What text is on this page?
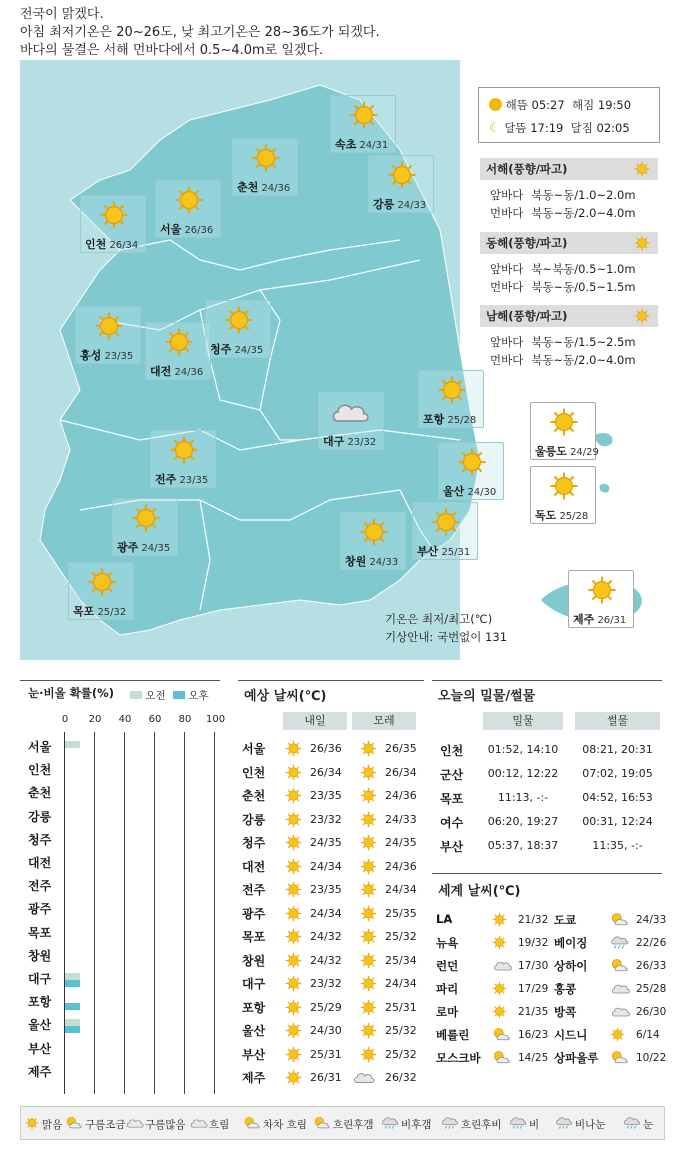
전국이 맑겠다.
아침 최저기온은 20~26도, 낮 최고기온은 28~36도가 되겠다.
바다의 물결은 서해 먼바다에서 0.5~4.0m로 일겠다.
속초 24/31
춘천 24/36
강릉 24/33
서울 26/36
인천 26/34
청주 24/35
홍성 23/35
대전 24/36
포항 25/28
대구 23/32
전주 23/35
울산 24/30
광주 24/35
창원 24/33
부산 25/31
목포 25/32
울릉도 24/29
독도 25/28
제주 26/31
해뜸 05:27 해짐 19:50
☾ 달뜸 17:19 달짐 02:05
서해(풍향/파고)
앞바다 북동~동/1.0~2.0m
먼바다 북동~동/2.0~4.0m
동해(풍향/파고)
앞바다 북~북동/0.5~1.0m
먼바다 북동~동/0.5~1.5m
남해(풍향/파고)
앞바다 북동~동/1.5~2.5m
먼바다 북동~동/2.0~4.0m
기온은 최저/최고(℃)
기상안내: 국번없이 131
눈·비올 확률(%)	오전 오후
0	20 40 60 80 100
서울
인천
춘천
강릉
청주
대전
전주
광주
목포
창원
대구
포항
울산
부산
제주
예상 날씨(℃)
내일	모레
서울	26/36	26/35
인천	26/34	26/34
춘천	23/35	24/36
강릉	23/32	24/33
청주	24/35	24/35
대전	24/34	24/36
전주	23/35	24/34
광주	24/34	25/35
목포	24/32	25/32
창원	24/32	25/34
대구	23/32	24/34
포항	25/29	25/31
울산	24/30	25/32
부산	25/31	25/32
제주	26/31	26/32
오늘의 밀물/썰물
밀물	썰물
인천	01:52, 14:10	08:21, 20:31
군산	00:12, 12:22	07:02, 19:05
목포	11:13, -:-	04:52, 16:53
여수	06:20, 19:27	00:31, 12:24
부산	05:37, 18:37	11:35, -:-
세계 날씨(℃)
LA	21/32
뉴욕	19/32
런던	17/30
파리	17/29
로마	21/35
베를린	16/23
모스크바	14/25
도쿄	24/33
베이징	22/26
상하이	26/33
홍콩	25/28
방콕	26/30
시드니	6/14
상파울루	10/22
맑음 구름조금 구름많음 흐림	차차 흐림 흐린후갬	비후갬	흐린후비	비	비나눈	눈
